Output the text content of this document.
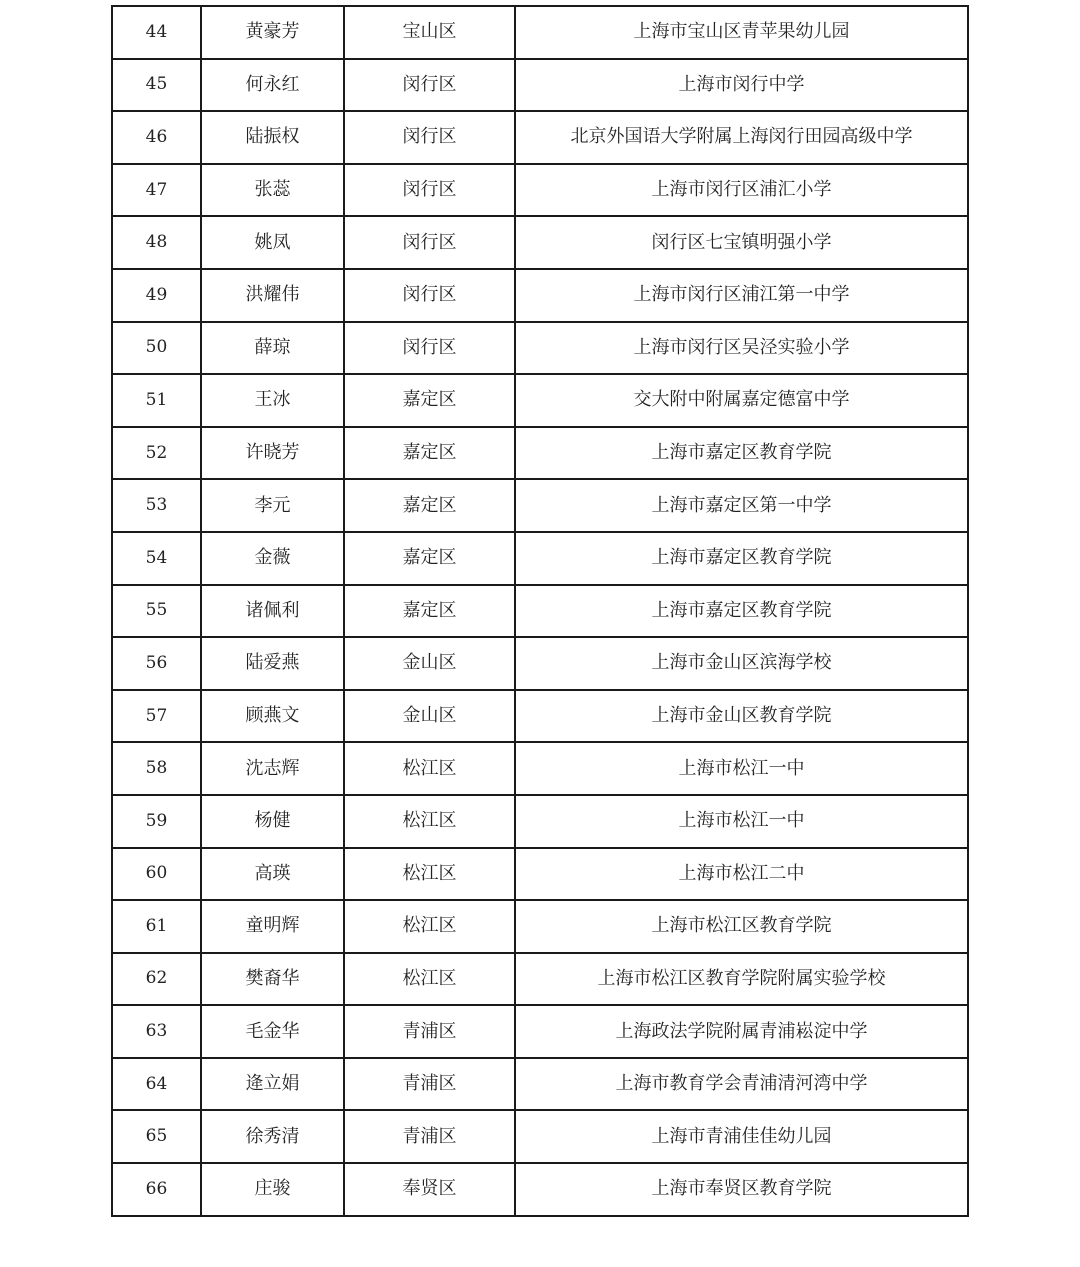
44	黄豪芳	宝山区	上海市宝山区青苹果幼儿园
45	何永红	闵行区	上海市闵行中学
46	陆振权	闵行区	北京外国语大学附属上海闵行田园高级中学
47	张蕊	闵行区	上海市闵行区浦汇小学
48	姚凤	闵行区	闵行区七宝镇明强小学
49	洪耀伟	闵行区	上海市闵行区浦江第一中学
50	薛琼	闵行区	上海市闵行区吴泾实验小学
51	王冰	嘉定区	交大附中附属嘉定德富中学
52	许晓芳	嘉定区	上海市嘉定区教育学院
53	李元	嘉定区	上海市嘉定区第一中学
54	金薇	嘉定区	上海市嘉定区教育学院
55	诸佩利	嘉定区	上海市嘉定区教育学院
56	陆爱燕	金山区	上海市金山区滨海学校
57	顾燕文	金山区	上海市金山区教育学院
58	沈志辉	松江区	上海市松江一中
59	杨健	松江区	上海市松江一中
60	高瑛	松江区	上海市松江二中
61	童明辉	松江区	上海市松江区教育学院
62	樊裔华	松江区	上海市松江区教育学院附属实验学校
63	毛金华	青浦区	上海政法学院附属青浦崧淀中学
64	逄立娟	青浦区	上海市教育学会青浦清河湾中学
65	徐秀清	青浦区	上海市青浦佳佳幼儿园
66	庄骏	奉贤区	上海市奉贤区教育学院
